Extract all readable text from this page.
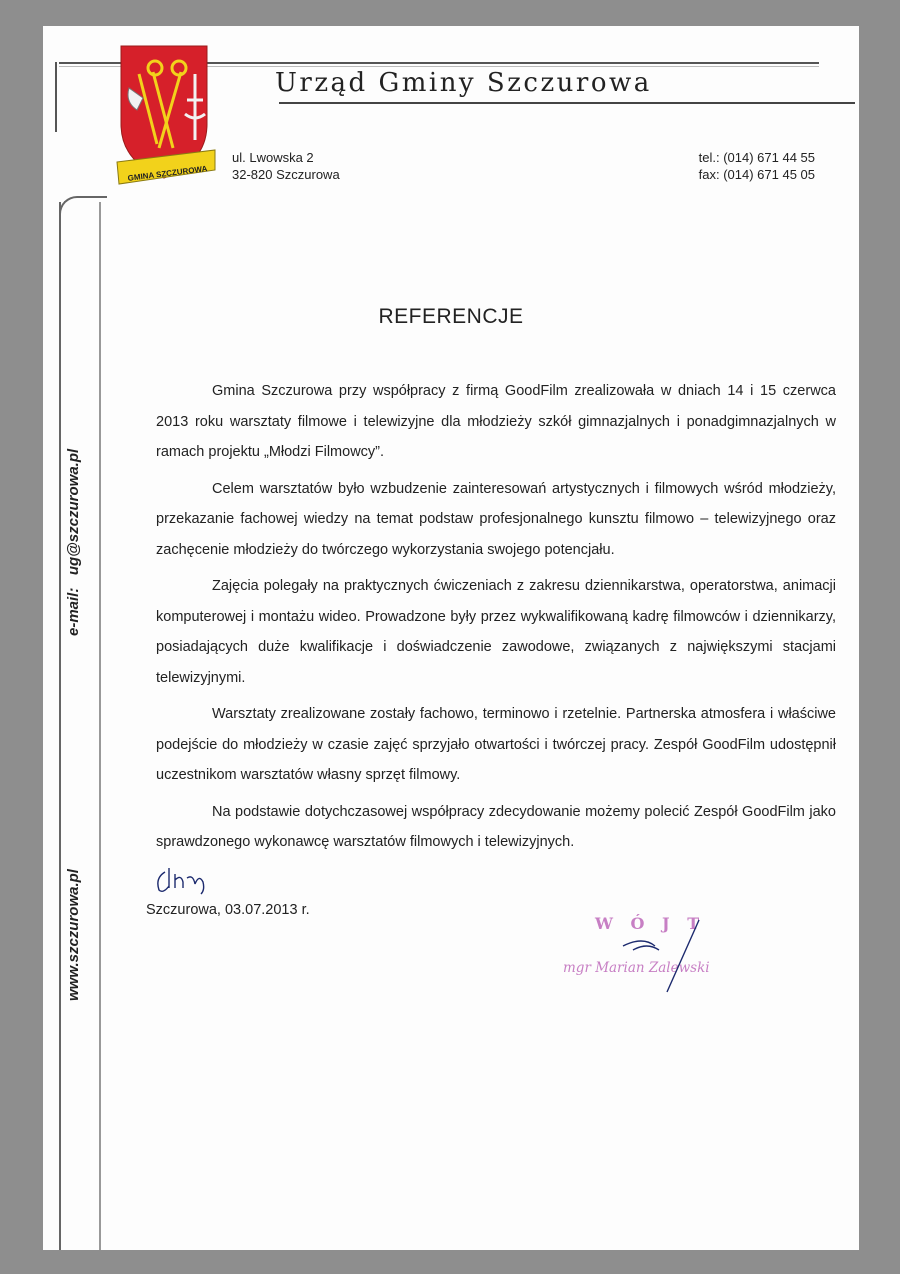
GMINA SZCZUROWA
Urząd Gminy Szczurowa
ul. Lwowska 2
32-820 Szczurowa
tel.: (014) 671 44 55
fax: (014) 671 45 05
e-mail:   ug@szczurowa.pl
www.szczurowa.pl
REFERENCJE

Gmina Szczurowa przy współpracy z firmą GoodFilm zrealizowała w dniach 14 i 15 czerwca 2013 roku warsztaty filmowe i telewizyjne dla młodzieży szkół gimnazjalnych i ponadgimnazjalnych w ramach projektu „Młodzi Filmowcy”.

Celem warsztatów było wzbudzenie zainteresowań artystycznych i filmowych wśród młodzieży, przekazanie fachowej wiedzy na temat podstaw profesjonalnego kunsztu filmowo – telewizyjnego oraz zachęcenie młodzieży do twórczego wykorzystania swojego potencjału.

Zajęcia polegały na praktycznych ćwiczeniach z zakresu dziennikarstwa, operatorstwa, animacji komputerowej i montażu wideo. Prowadzone były przez wykwalifikowaną kadrę filmowców i dziennikarzy, posiadających duże kwalifikacje i doświadczenie zawodowe, związanych z największymi stacjami telewizyjnymi.

Warsztaty zrealizowane zostały fachowo, terminowo i rzetelnie. Partnerska atmosfera i właściwe podejście do młodzieży w czasie zajęć sprzyjało otwartości i twórczej pracy. Zespół GoodFilm udostępnił uczestnikom warsztatów własny sprzęt filmowy.

Na podstawie dotychczasowej współpracy zdecydowanie możemy polecić Zespół GoodFilm jako sprawdzonego wykonawcę warsztatów filmowych i telewizyjnych.

Szczurowa, 03.07.2013 r.
W Ó J T
mgr Marian Zalewski
